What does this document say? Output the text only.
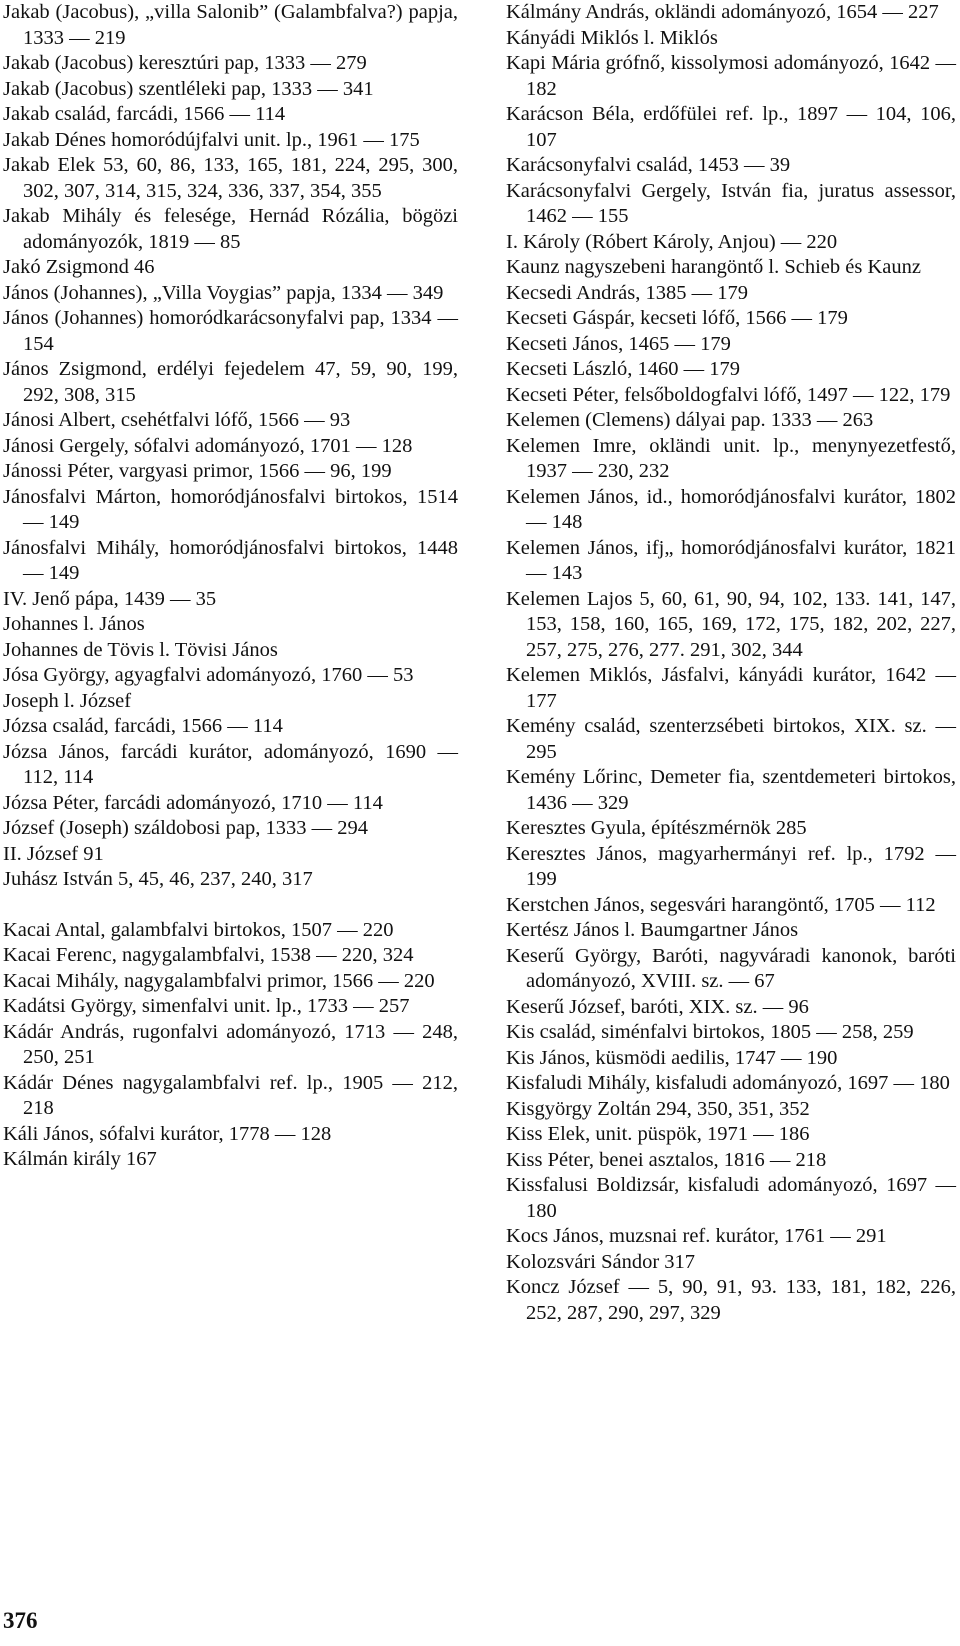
Jakab (Jacobus), „villa Salonib” (Galambfalva?) papja, 1333 — 219
Jakab (Jacobus) keresztúri pap, 1333 — 279
Jakab (Jacobus) szentléleki pap, 1333 — 341
Jakab család, farcádi, 1566 — 114
Jakab Dénes homoródújfalvi unit. lp., 1961 — 175
Jakab Elek 53, 60, 86, 133, 165, 181, 224, 295, 300, 302, 307, 314, 315, 324, 336, 337, 354, 355
Jakab Mihály és felesége, Hernád Rózália, bögözi adományozók, 1819 — 85
Jakó Zsigmond 46
János (Johannes), „Villa Voygias” papja, 1334 — 349
János (Johannes) homoródkarácsonyfalvi pap, 1334 — 154
János Zsigmond, erdélyi fejedelem 47, 59, 90, 199, 292, 308, 315
Jánosi Albert, csehétfalvi lófő, 1566 — 93
Jánosi Gergely, sófalvi adományozó, 1701 — 128
Jánossi Péter, vargyasi primor, 1566 — 96, 199
Jánosfalvi Márton, homoródjánosfalvi birtokos, 1514 — 149
Jánosfalvi Mihály, homoródjánosfalvi birtokos, 1448 — 149
IV. Jenő pápa, 1439 — 35
Johannes l. János
Johannes de Tövis l. Tövisi János
Jósa György, agyagfalvi adományozó, 1760 — 53
Joseph l. József
Józsa család, farcádi, 1566 — 114
Józsa János, farcádi kurátor, adományozó, 1690 — 112, 114
Józsa Péter, farcádi adományozó, 1710 — 114
József (Joseph) száldobosi pap, 1333 — 294
II. József 91
Juhász István 5, 45, 46, 237, 240, 317
Kacai Antal, galambfalvi birtokos, 1507 — 220
Kacai Ferenc, nagygalambfalvi, 1538 — 220, 324
Kacai Mihály, nagygalambfalvi primor, 1566 — 220
Kadátsi György, simenfalvi unit. lp., 1733 — 257
Kádár András, rugonfalvi adományozó, 1713 — 248, 250, 251
Kádár Dénes nagygalambfalvi ref. lp., 1905 — 212, 218
Káli János, sófalvi kurátor, 1778 — 128
Kálmán király 167
Kálmány András, okländi adományozó, 1654 — 227
Kányádi Miklós l. Miklós
Kapi Mária grófnő, kissolymosi adományozó, 1642 — 182
Karácson Béla, erdőfülei ref. lp., 1897 — 104, 106, 107
Karácsonyfalvi család, 1453 — 39
Karácsonyfalvi Gergely, István fia, juratus assessor, 1462 — 155
I. Károly (Róbert Károly, Anjou) — 220
Kaunz nagyszebeni harangöntő l. Schieb és Kaunz
Kecsedi András, 1385 — 179
Kecseti Gáspár, kecseti lófő, 1566 — 179
Kecseti János, 1465 — 179
Kecseti László, 1460 — 179
Kecseti Péter, felsőboldogfalvi lófő, 1497 — 122, 179
Kelemen (Clemens) dályai pap. 1333 — 263
Kelemen Imre, okländi unit. lp., menynyezetfestő, 1937 — 230, 232
Kelemen János, id., homoródjánosfalvi kurátor, 1802 — 148
Kelemen János, ifj„ homoródjánosfalvi kurátor, 1821 — 143
Kelemen Lajos 5, 60, 61, 90, 94, 102, 133. 141, 147, 153, 158, 160, 165, 169, 172, 175, 182, 202, 227, 257, 275, 276, 277. 291, 302, 344
Kelemen Miklós, Jásfalvi, kányádi kurátor, 1642 — 177
Kemény család, szenterzsébeti birtokos, XIX. sz. — 295
Kemény Lőrinc, Demeter fia, szentdemeteri birtokos, 1436 — 329
Keresztes Gyula, építészmérnök 285
Keresztes János, magyarhermányi ref. lp., 1792 — 199
Kerstchen János, segesvári harangöntő, 1705 — 112
Kertész János l. Baumgartner János
Keserű György, Baróti, nagyváradi kanonok, baróti adományozó, XVIII. sz. — 67
Keserű József, baróti, XIX. sz. — 96
Kis család, siménfalvi birtokos, 1805 — 258, 259
Kis János, küsmödi aedilis, 1747 — 190
Kisfaludi Mihály, kisfaludi adományozó, 1697 — 180
Kisgyörgy Zoltán 294, 350, 351, 352
Kiss Elek, unit. püspök, 1971 — 186
Kiss Péter, benei asztalos, 1816 — 218
Kissfalusi Boldizsár, kisfaludi adományozó, 1697 — 180
Kocs János, muzsnai ref. kurátor, 1761 — 291
Kolozsvári Sándor 317
Koncz József — 5, 90, 91, 93. 133, 181, 182, 226, 252, 287, 290, 297, 329
376
